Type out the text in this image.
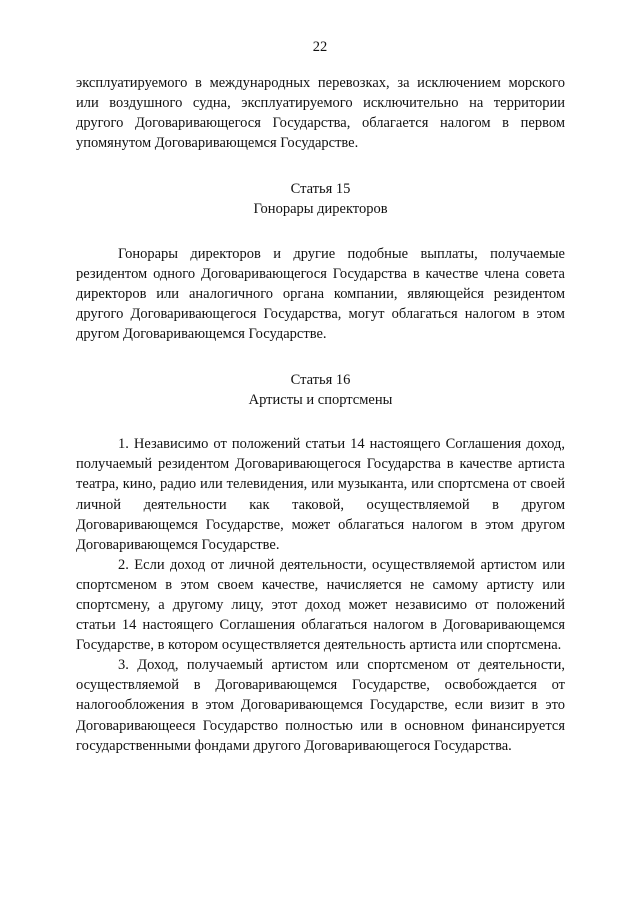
22

эксплуатируемого в международных перевозках, за исключением морского или воздушного судна, эксплуатируемого исключительно на территории другого Договаривающегося Государства, облагается налогом в первом упомянутом Договаривающемся Государстве.

Статья 15

Гонорары директоров

Гонорары директоров и другие подобные выплаты, получаемые резидентом одного Договаривающегося Государства в качестве члена совета директоров или аналогичного органа компании, являющейся резидентом другого Договаривающегося Государства, могут облагаться налогом в этом другом Договаривающемся Государстве.

Статья 16

Артисты и спортсмены

1. Независимо от положений статьи 14 настоящего Соглашения доход, получаемый резидентом Договаривающегося Государства в качестве артиста театра, кино, радио или телевидения, или музыканта, или спортсмена от своей личной деятельности как таковой, осуществляемой в другом Договаривающемся Государстве, может облагаться налогом в этом другом Договаривающемся Государстве.

2. Если доход от личной деятельности, осуществляемой артистом или спортсменом в этом своем качестве, начисляется не самому артисту или спортсмену, а другому лицу, этот доход может независимо от положений статьи 14 настоящего Соглашения облагаться налогом в Договаривающемся Государстве, в котором осуществляется деятельность артиста или спортсмена.

3. Доход, получаемый артистом или спортсменом от деятельности, осуществляемой в Договаривающемся Государстве, освобождается от налогообложения в этом Договаривающемся Государстве, если визит в это Договаривающееся Государство полностью или в основном финансируется государственными фондами другого Договаривающегося Государства.
